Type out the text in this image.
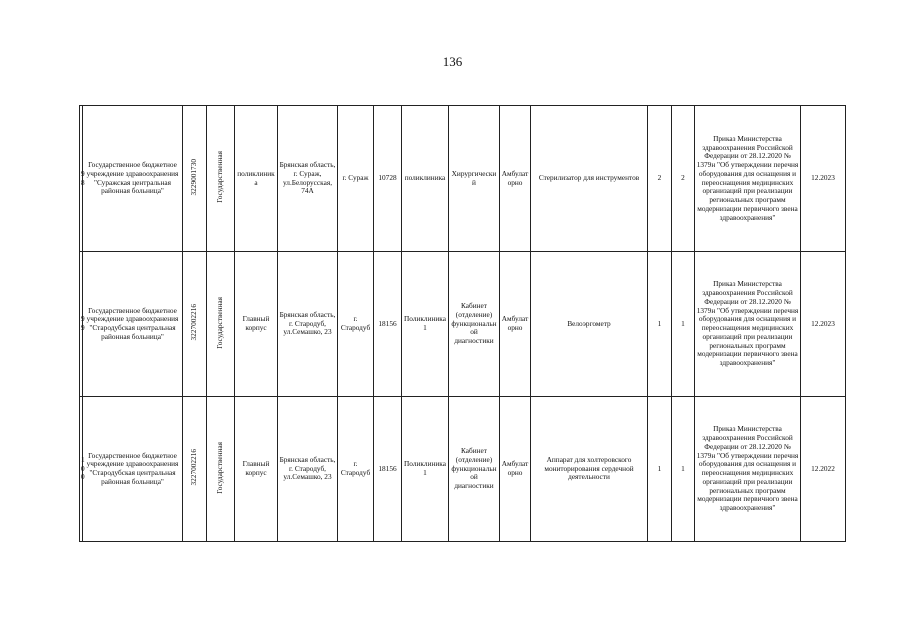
136
98	Государственное бюджетное учреждение здравоохранения "Суражская центральная районная больница"	3229001730	Государственная	поликлиника	Брянская область, г. Сураж, ул.Белорусская, 74А	г. Сураж	10728	поликлиника	Хирургический	Амбулаторно	Стерилизатор для инструментов	2	2	Приказ Министерства здравоохранения Российской Федерации от 28.12.2020 № 1379н "Об утверждении перечня оборудования для оснащения и переоснащения медицинских организаций при реализации региональных программ модернизации первичного звена здравоохранения"	12.2023
99	Государственное бюджетное учреждение здравоохранения "Стародубская центральная районная больница"	3227002216	Государственная	Главный корпус	Брянская область, г. Стародуб, ул.Семашко, 23	г. Стародуб	18156	Поликлиника 1	Кабинет (отделение) функциональной диагностики	Амбулаторно	Велоэргометр	1	1	Приказ Министерства здравоохранения Российской Федерации от 28.12.2020 № 1379н "Об утверждении перечня оборудования для оснащения и переоснащения медицинских организаций при реализации региональных программ модернизации первичного звена здравоохранения"	12.2023
100	Государственное бюджетное учреждение здравоохранения "Стародубская центральная районная больница"	3227002216	Государственная	Главный корпус	Брянская область, г. Стародуб, ул.Семашко, 23	г. Стародуб	18156	Поликлиника 1	Кабинет (отделение) функциональной диагностики	Амбулаторно	Аппарат для холтеровского мониторирования сердечной деятельности	1	1	Приказ Министерства здравоохранения Российской Федерации от 28.12.2020 № 1379н "Об утверждении перечня оборудования для оснащения и переоснащения медицинских организаций при реализации региональных программ модернизации первичного звена здравоохранения"	12.2022
